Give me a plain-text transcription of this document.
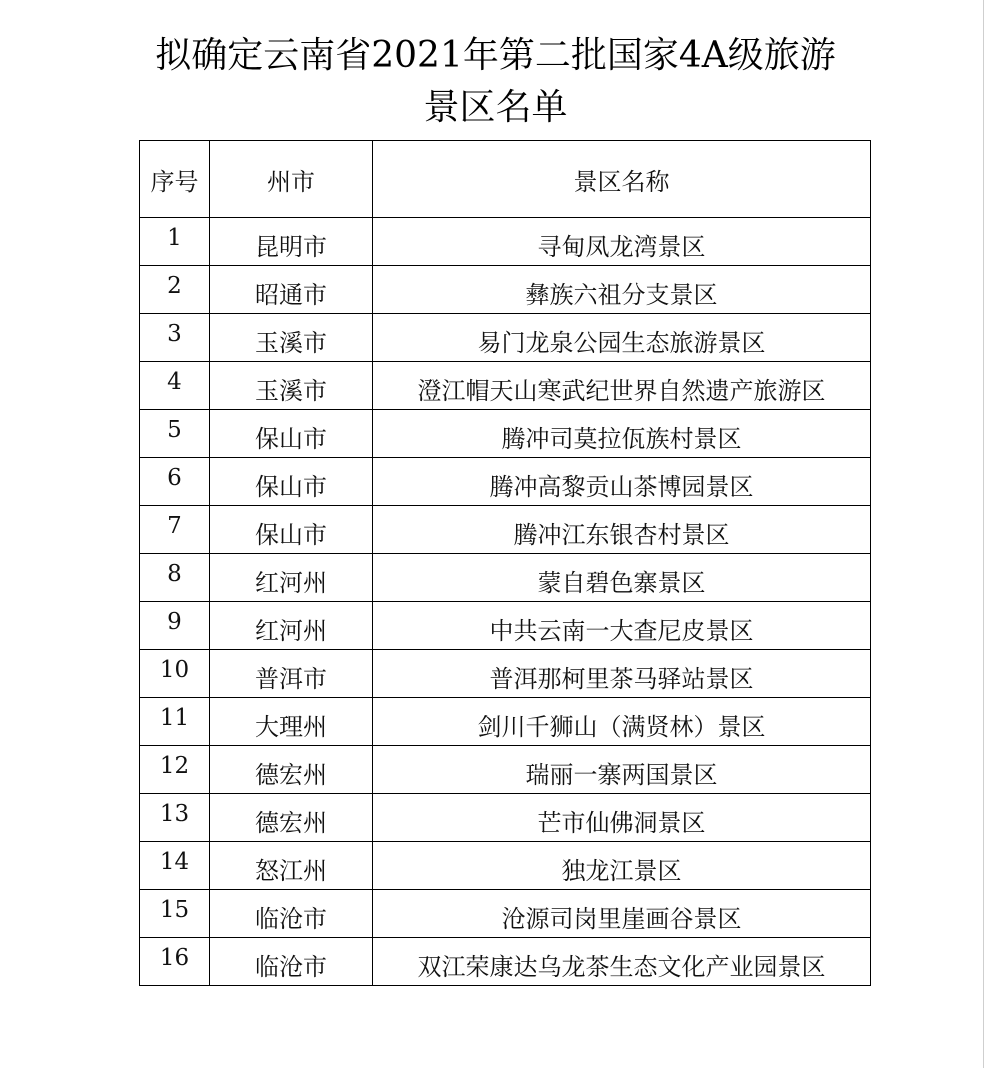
拟确定云南省2021年第二批国家4A级旅游
景区名单
序号	州市	景区名称

1	昆明市	寻甸凤龙湾景区

2	昭通市	彝族六祖分支景区

3	玉溪市	易门龙泉公园生态旅游景区

4	玉溪市	澄江帽天山寒武纪世界自然遗产旅游区

5	保山市	腾冲司莫拉佤族村景区

6	保山市	腾冲高黎贡山茶博园景区

7	保山市	腾冲江东银杏村景区

8	红河州	蒙自碧色寨景区

9	红河州	中共云南一大查尼皮景区

10	普洱市	普洱那柯里茶马驿站景区

11	大理州	剑川千狮山（满贤林）景区

12	德宏州	瑞丽一寨两国景区

13	德宏州	芒市仙佛洞景区

14	怒江州	独龙江景区

15	临沧市	沧源司岗里崖画谷景区

16	临沧市	双江荣康达乌龙茶生态文化产业园景区
